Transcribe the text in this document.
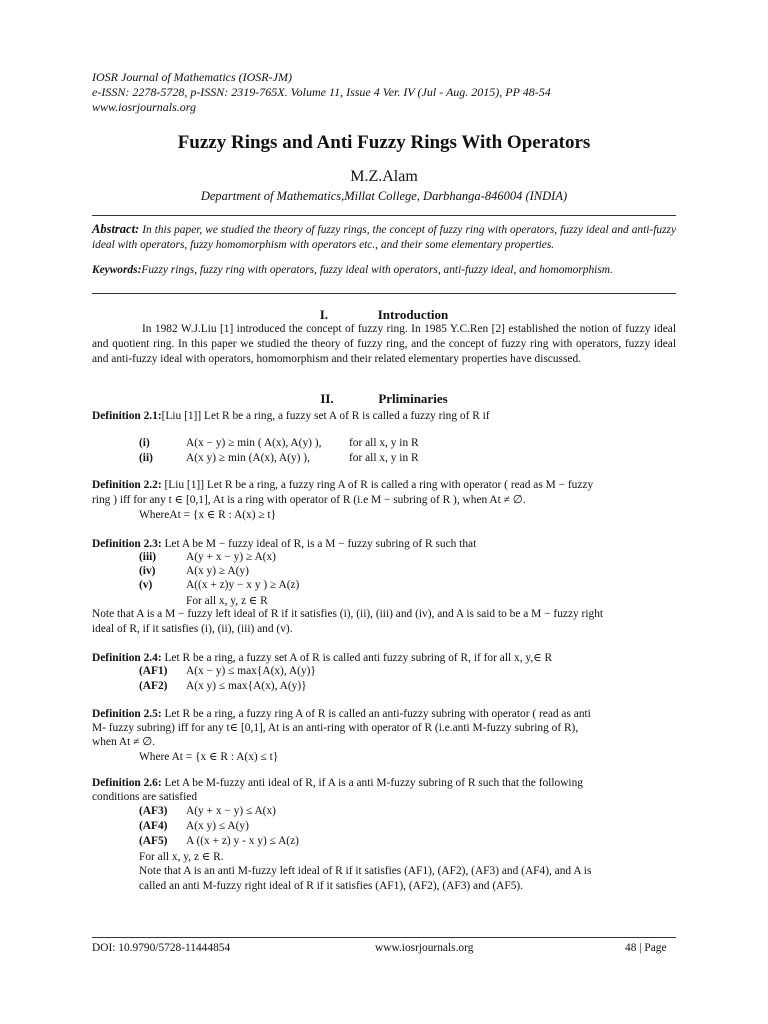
IOSR Journal of Mathematics (IOSR-JM)
e-ISSN: 2278-5728, p-ISSN: 2319-765X. Volume 11, Issue 4 Ver. IV (Jul - Aug. 2015), PP 48-54
www.iosrjournals.org
Fuzzy Rings and Anti Fuzzy Rings With Operators
M.Z.Alam
Department of Mathematics,Millat College, Darbhanga-846004 (INDIA)
Abstract: In this paper, we studied the theory of fuzzy rings, the concept of fuzzy ring with operators, fuzzy ideal and anti-fuzzy ideal with operators, fuzzy homomorphism with operators etc., and their some elementary properties.
Keywords:Fuzzy rings, fuzzy ring with operators, fuzzy ideal with operators, anti-fuzzy ideal, and homomorphism.
I.	Introduction
In 1982 W.J.Liu [1] introduced the concept of fuzzy ring. In 1985 Y.C.Ren [2] established the notion of fuzzy ideal and quotient ring. In this paper we studied the theory of fuzzy ring, and the concept of fuzzy ring with operators, fuzzy ideal and anti-fuzzy ideal with operators, homomorphism and their related elementary properties have discussed.
II.	Prliminaries
Definition 2.1:[Liu [1]] Let R be a ring, a fuzzy set A of R is called a fuzzy ring of R if
(i)	A(x − y) ≥ min ( A(x), A(y) ), for all x, y in R
(ii)	A(x y) ≥ min (A(x), A(y) ),	for all x, y in R
Definition 2.2: [Liu [1]] Let R be a ring, a fuzzy ring A of R is called a ring with operator ( read as M − fuzzy
ring ) iff for any t ∈ [0,1], At is a ring with operator of R (i.e M − subring of R ), when At ≠ ∅.
WhereAt = {x ∈ R : A(x) ≥ t}
Definition 2.3: Let A be M − fuzzy ideal of R, is a M − fuzzy subring of R such that
(iii)	A(y + x − y) ≥ A(x)
(iv)	A(x y) ≥ A(y)
(v)	A((x + z)y − x y ) ≥ A(z)
For all x, y, z ∈ R
Note that A is a M − fuzzy left ideal of R if it satisfies (i), (ii), (iii) and (iv), and A is said to be a M − fuzzy right
ideal of R, if it satisfies (i), (ii), (iii) and (v).
Definition 2.4: Let R be a ring, a fuzzy set A of R is called anti fuzzy subring of R, if for all x, y,∈ R
(AF1) A(x − y) ≤ max{A(x), A(y)}
(AF2) A(x y) ≤ max{A(x), A(y)}
Definition 2.5: Let R be a ring, a fuzzy ring A of R is called an anti-fuzzy subring with operator ( read as anti
M- fuzzy subring) iff for any t∈ [0,1], At is an anti-ring with operator of R (i.e.anti M-fuzzy subring of R),
when At ≠ ∅.
Where At = {x ∈ R : A(x) ≤ t}
Definition 2.6: Let A be M-fuzzy anti ideal of R, if A is a anti M-fuzzy subring of R such that the following
conditions are satisfied
(AF3) A(y + x − y) ≤ A(x)
(AF4) A(x y) ≤ A(y)
(AF5) A ((x + z) y - x y) ≤ A(z)
For all x, y, z ∈ R.
Note that A is an anti M-fuzzy left ideal of R if it satisfies (AF1), (AF2), (AF3) and (AF4), and A is
called an anti M-fuzzy right ideal of R if it satisfies (AF1), (AF2), (AF3) and (AF5).
DOI: 10.9790/5728-11444854	www.iosrjournals.org	48 | Page
